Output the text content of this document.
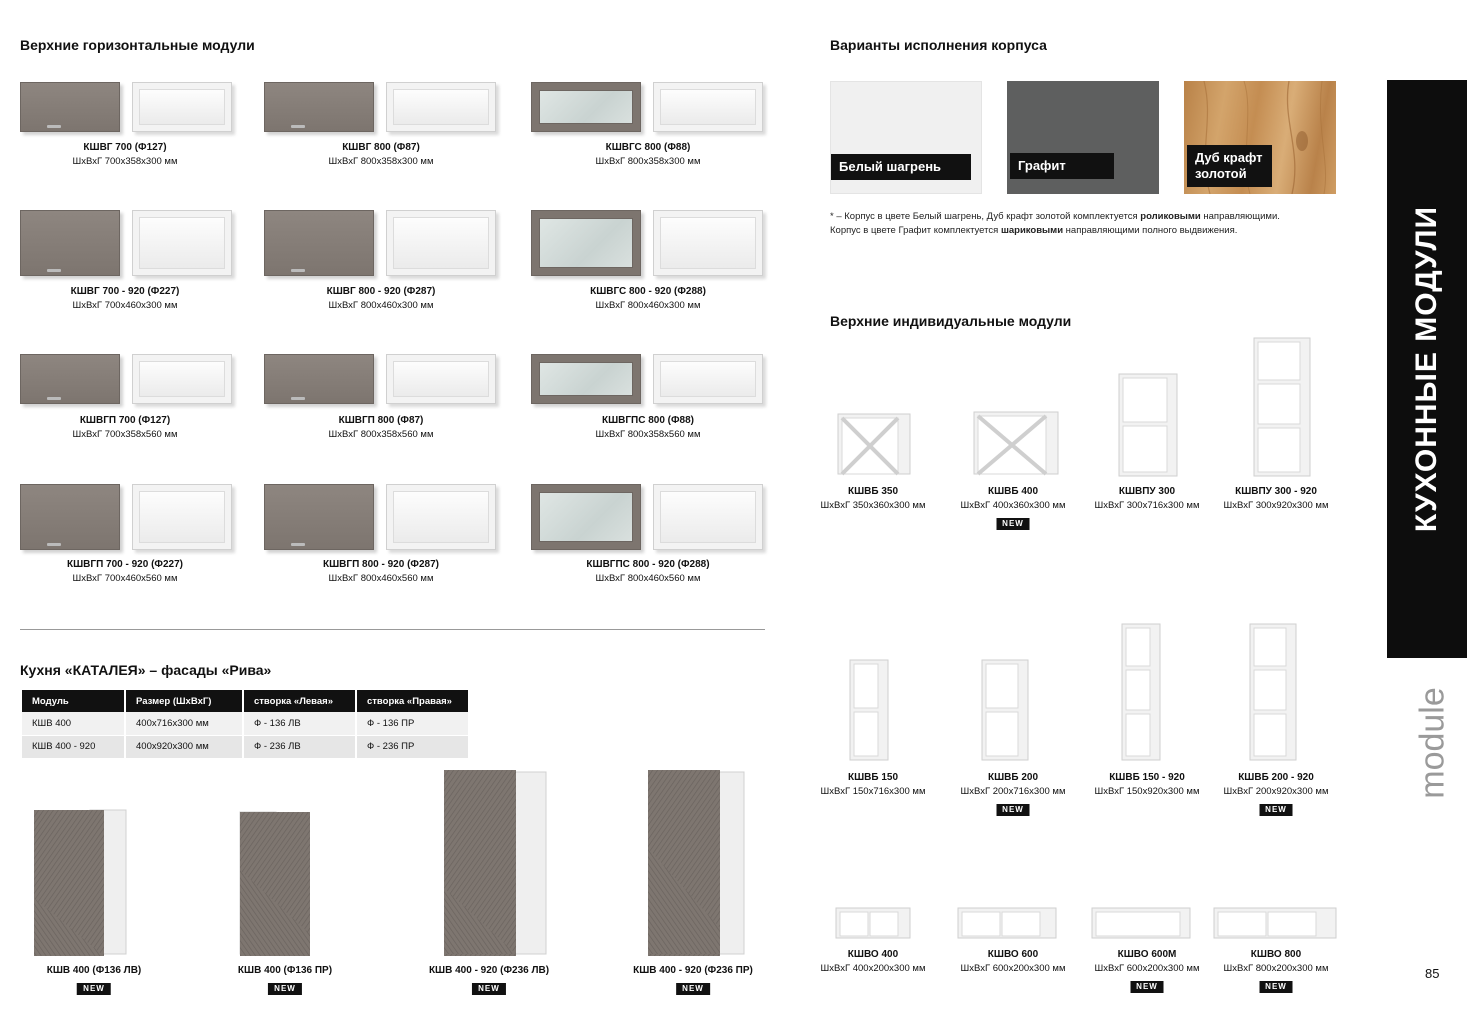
Верхние горизонтальные модули
КШВГ 700 (Ф127)
ШхВхГ 700х358х300 мм
КШВГ 800 (Ф87)
ШхВхГ 800х358х300 мм
КШВГС 800 (Ф88)
ШхВхГ 800х358х300 мм
КШВГ 700 - 920 (Ф227)
ШхВхГ 700х460х300 мм
КШВГ 800 - 920 (Ф287)
ШхВхГ 800х460х300 мм
КШВГС 800 - 920 (Ф288)
ШхВхГ 800х460х300 мм
КШВГП 700 (Ф127)
ШхВхГ 700х358х560 мм
КШВГП 800 (Ф87)
ШхВхГ 800х358х560 мм
КШВГПС 800 (Ф88)
ШхВхГ 800х358х560 мм
КШВГП 700 - 920 (Ф227)
ШхВхГ 700х460х560 мм
КШВГП 800 - 920 (Ф287)
ШхВхГ 800х460х560 мм
КШВГПС 800 - 920 (Ф288)
ШхВхГ 800х460х560 мм
Кухня «КАТАЛЕЯ» – фасады «Рива»
Модуль	Размер (ШхВхГ)	створка «Левая»	створка «Правая»
КШВ 400	400х716х300 мм	Ф - 136 ЛВ	Ф - 136 ПР
КШВ 400 - 920	400х920х300 мм	Ф - 236 ЛВ	Ф - 236 ПР
КШВ 400 (Ф136 ЛВ)
NEW
КШВ 400 (Ф136 ПР)
NEW
КШВ 400 - 920 (Ф236 ЛВ)
NEW
КШВ 400 - 920 (Ф236 ПР)
NEW
Варианты исполнения корпуса
Белый шагрень	Графит
Дуб крафт
золотой
* – Корпус в цвете Белый шагрень, Дуб крафт золотой комплектуется роликовыми направляющими.
Корпус в цвете Графит комплектуется шариковыми направляющими полного выдвижения.
Верхние индивидуальные модули
КШВБ 350
ШхВхГ 350х360х300 мм
КШВБ 400
ШхВхГ 400х360х300 мм
NEW
КШВПУ 300
ШхВхГ 300х716х300 мм
КШВПУ 300 - 920
ШхВхГ 300х920х300 мм
КШВБ 150
ШхВхГ 150х716х300 мм
КШВБ 200
ШхВхГ 200х716х300 мм
NEW
КШВБ 150 - 920
ШхВхГ 150х920х300 мм
КШВБ 200 - 920
ШхВхГ 200х920х300 мм
NEW
КШВО 400
ШхВхГ 400х200х300 мм
КШВО 600
ШхВхГ 600х200х300 мм
КШВО 600М
ШхВхГ 600х200х300 мм
NEW
КШВО 800
ШхВхГ 800х200х300 мм
NEW
КУХОННЫЕ МОДУЛИ
module
85
